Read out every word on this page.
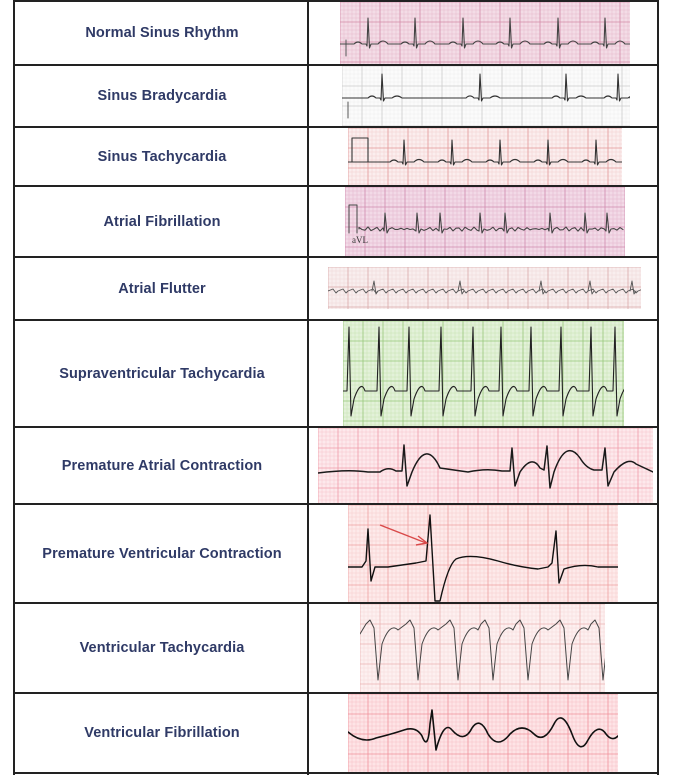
Normal Sinus Rhythm
Sinus Bradycardia
Sinus Tachycardia
Atrial Fibrillation
Atrial Flutter
Supraventricular Tachycardia
Premature Atrial Contraction
Premature Ventricular Contraction
Ventricular Tachycardia
Ventricular Fibrillation
aVL
